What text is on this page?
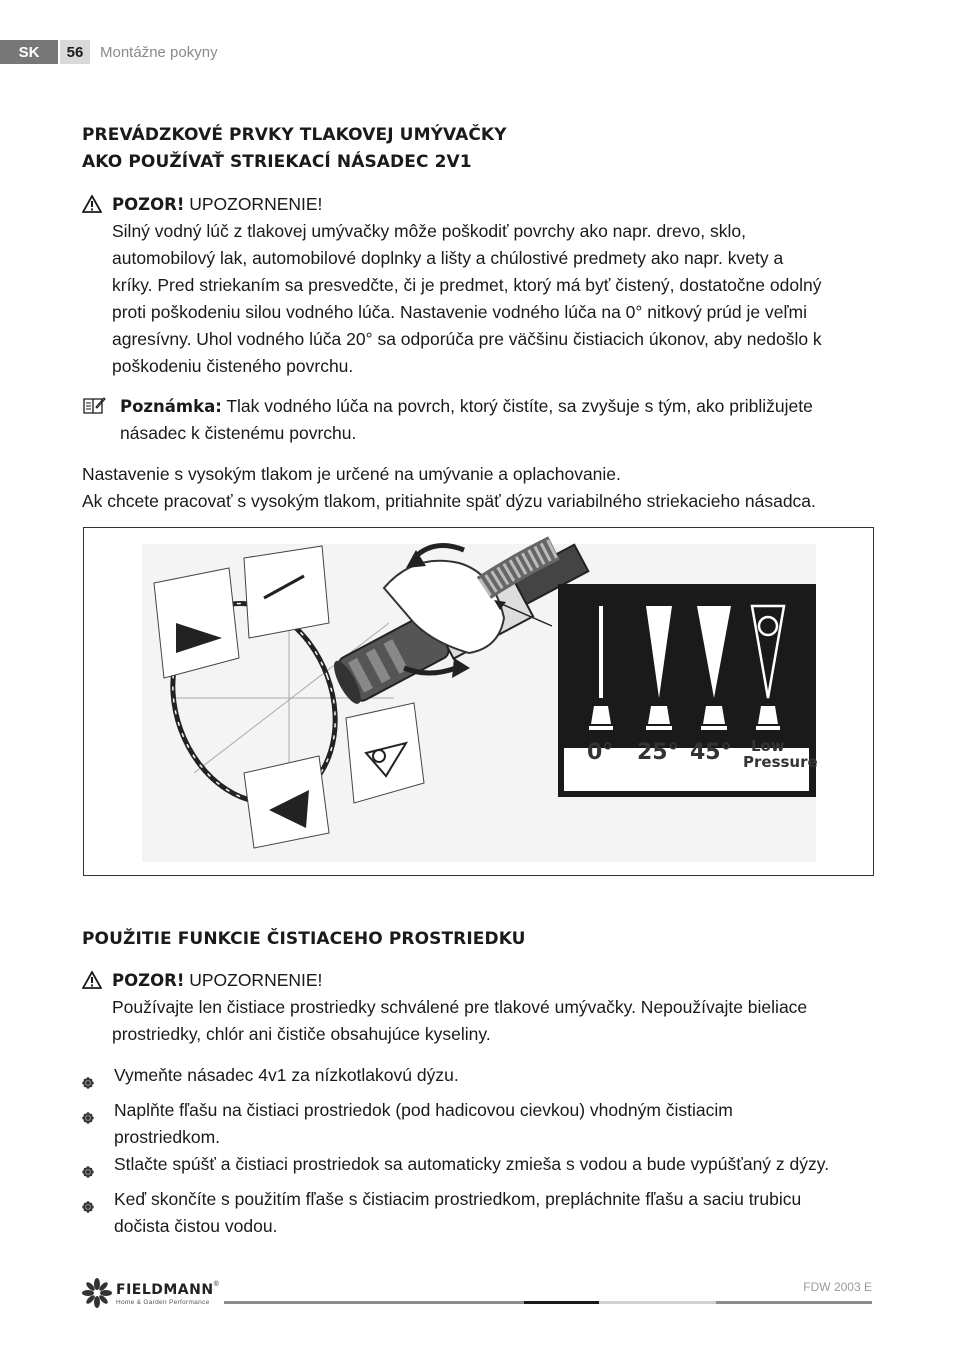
SK	56	Montážne pokyny
PREVÁDZKOVÉ PRVKY TLAKOVEJ UMÝVAČKY
AKO POUŽÍVAŤ STRIEKACÍ NÁSADEC 2V1
POZOR! UPOZORNENIE!
Silný vodný lúč z tlakovej umývačky môže poškodiť povrchy ako napr. drevo, sklo,
automobilový lak, automobilové doplnky a lišty a chúlostivé predmety ako napr. kvety a
kríky. Pred striekaním sa presvedčte, či je predmet, ktorý má byť čistený, dostatočne odolný
proti poškodeniu silou vodného lúča. Nastavenie vodného lúča na 0° nitkový prúd je veľmi
agresívny. Uhol vodného lúča 20° sa odporúča pre väčšinu čistiacich úkonov, aby nedošlo k
poškodeniu čisteného povrchu.
Poznámka: Tlak vodného lúča na povrch, ktorý čistíte, sa zvyšuje s tým, ako približujete
násadec k čistenému povrchu.
Nastavenie s vysokým tlakom je určené na umývanie a oplachovanie.
Ak chcete pracovať s vysokým tlakom, pritiahnite späť dýzu variabilného striekacieho násadca.
0° 25° 45° Low
Pressure
POUŽITIE FUNKCIE ČISTIACEHO PROSTRIEDKU
POZOR! UPOZORNENIE!
Používajte len čistiace prostriedky schválené pre tlakové umývačky. Nepoužívajte bieliace
prostriedky, chlór ani čističe obsahujúce kyseliny.
Vymeňte násadec 4v1 za nízkotlakovú dýzu.
Naplňte fľašu na čistiaci prostriedok (pod hadicovou cievkou) vhodným čistiacim
prostriedkom.
Stlačte spúšť a čistiaci prostriedok sa automaticky zmieša s vodou a bude vypúšťaný z dýzy.
Keď skončíte s použitím fľaše s čistiacim prostriedkom, prepláchnite fľašu a saciu trubicu
dočista čistou vodou.
FIELDMANN®
Home & Garden Performance
FDW 2003 E
